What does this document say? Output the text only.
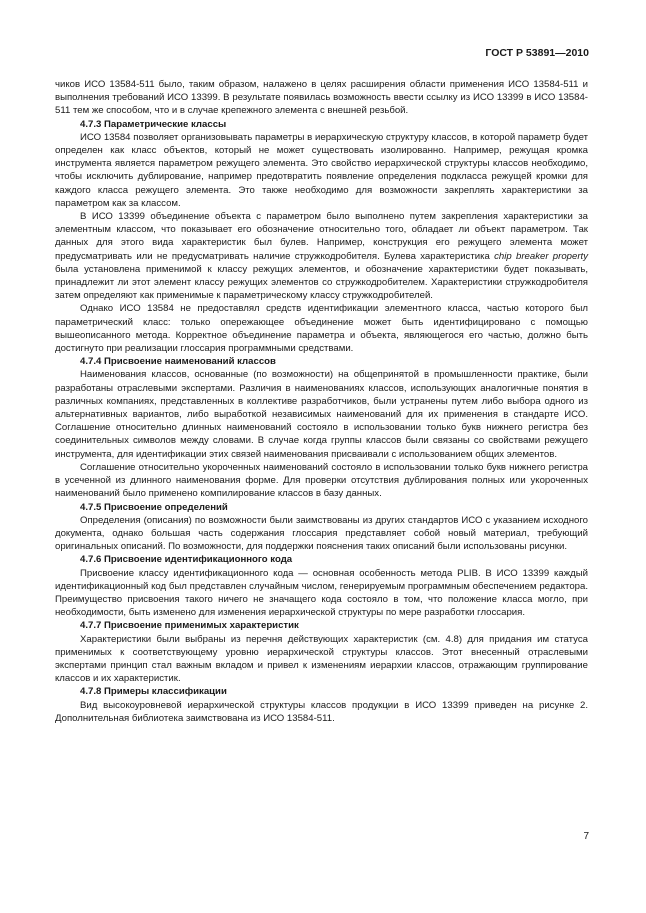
ГОСТ Р 53891—2010

чиков ИСО 13584-511 было, таким образом, налажено в целях расширения области применения ИСО 13584-511 и выполнения требований ИСО 13399. В результате появилась возможность ввести ссылку из ИСО 13399 в ИСО 13584-511 тем же способом, что и в случае крепежного элемента с внешней резьбой.

4.7.3 Параметрические классы

ИСО 13584 позволяет организовывать параметры в иерархическую структуру классов, в которой параметр будет определен как класс объектов, который не может существовать изолированно. Например, режущая кромка инструмента является параметром режущего элемента. Это свойство иерархической структуры классов необходимо, чтобы исключить дублирование, например предотвратить появление определения подкласса режущей кромки для каждого класса режущего элемента. Это также необходимо для возможности закреплять характеристики за параметром как за классом.

В ИСО 13399 объединение объекта с параметром было выполнено путем закрепления характеристики за элементным классом, что показывает его обозначение относительно того, обладает ли объект параметром. Так данных для этого вида характеристик был булев. Например, конструкция его режущего элемента может предусматривать или не предусматривать наличие стружкодробителя. Булева характеристика chip breaker property была установлена применимой к классу режущих элементов, и обозначение характеристики будет показывать, принадлежит ли этот элемент классу режущих элементов со стружкодробителем. Характеристики стружкодробителя затем определяют как применимые к параметрическому классу стружкодробителей.

Однако ИСО 13584 не предоставлял средств идентификации элементного класса, частью которого был параметрический класс: только опережающее объединение может быть идентифицировано с помощью вышеописанного метода. Корректное объединение параметра и объекта, являющегося его частью, должно быть достигнуто при реализации глоссария программными средствами.

4.7.4 Присвоение наименований классов

Наименования классов, основанные (по возможности) на общепринятой в промышленности практике, были разработаны отраслевыми экспертами. Различия в наименованиях классов, использующих аналогичные понятия в различных компаниях, представленных в коллективе разработчиков, были устранены путем либо выбора одного из альтернативных вариантов, либо выработкой независимых наименований для их применения в стандарте ИСО. Соглашение относительно длинных наименований состояло в использовании только букв нижнего регистра без соединительных символов между словами. В случае когда группы классов были связаны со свойствами режущего инструмента, для идентификации этих связей наименования присваивали с использованием общих элементов.

Соглашение относительно укороченных наименований состояло в использовании только букв нижнего регистра в усеченной из длинного наименования форме. Для проверки отсутствия дублирования полных или укороченных наименований было применено компилирование классов в базу данных.

4.7.5 Присвоение определений

Определения (описания) по возможности были заимствованы из других стандартов ИСО с указанием исходного документа, однако большая часть содержания глоссария представляет собой новый материал, требующий оригинальных описаний. По возможности, для поддержки пояснения таких описаний были использованы рисунки.

4.7.6 Присвоение идентификационного кода

Присвоение классу идентификационного кода — основная особенность метода PLIB. В ИСО 13399 каждый идентификационный код был представлен случайным числом, генерируемым программным обеспечением редактора. Преимущество присвоения такого ничего не значащего кода состояло в том, что положение класса могло, при необходимости, быть изменено для изменения иерархической структуры по мере разработки глоссария.

4.7.7 Присвоение применимых характеристик

Характеристики были выбраны из перечня действующих характеристик (см. 4.8) для придания им статуса применимых к соответствующему уровню иерархической структуры классов. Этот внесенный отраслевыми экспертами принцип стал важным вкладом и привел к изменениям иерархии классов, отражающим группирование классов и их характеристик.

4.7.8 Примеры классификации

Вид высокоуровневой иерархической структуры классов продукции в ИСО 13399 приведен на рисунке 2. Дополнительная библиотека заимствована из ИСО 13584-511.

7
